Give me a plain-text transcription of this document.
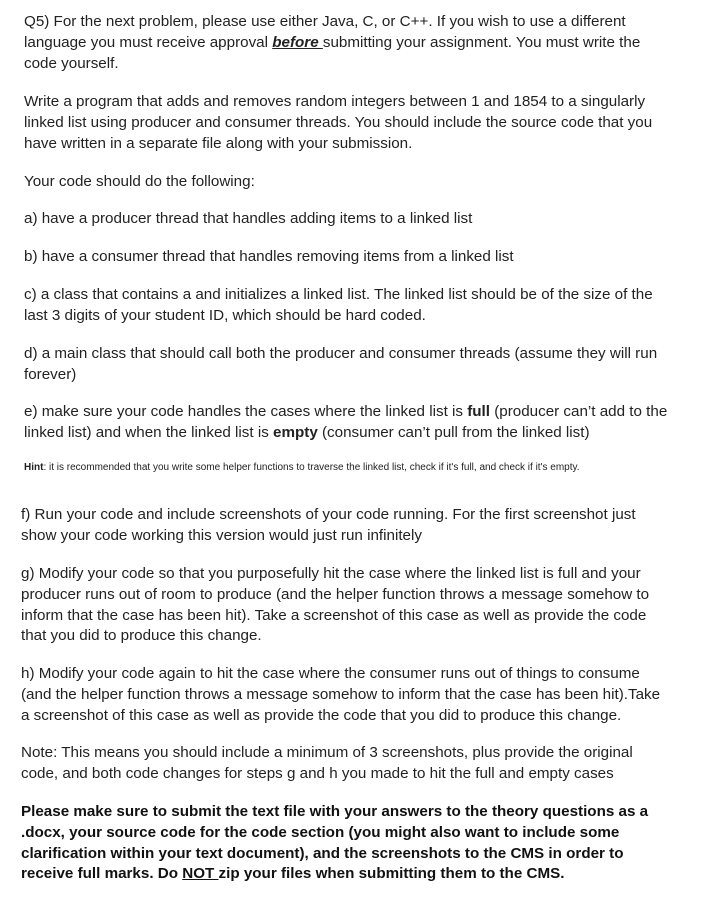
Q5) For the next problem, please use either Java, C, or C++. If you wish to use a different
language you must receive approval before submitting your assignment. You must write the
code yourself.
Write a program that adds and removes random integers between 1 and 1854 to a singularly
linked list using producer and consumer threads. You should include the source code that you
have written in a separate file along with your submission.
Your code should do the following:
a) have a producer thread that handles adding items to a linked list
b) have a consumer thread that handles removing items from a linked list
c) a class that contains a and initializes a linked list. The linked list should be of the size of the
last 3 digits of your student ID, which should be hard coded.
d) a main class that should call both the producer and consumer threads (assume they will run
forever)
e) make sure your code handles the cases where the linked list is full (producer can’t add to the
linked list) and when the linked list is empty (consumer can’t pull from the linked list)
Hint: it is recommended that you write some helper functions to traverse the linked list, check if it's full, and check if it's empty.
f) Run your code and include screenshots of your code running. For the first screenshot just
show your code working this version would just run infinitely
g) Modify your code so that you purposefully hit the case where the linked list is full and your
producer runs out of room to produce (and the helper function throws a message somehow to
inform that the case has been hit). Take a screenshot of this case as well as provide the code
that you did to produce this change.
h) Modify your code again to hit the case where the consumer runs out of things to consume
(and the helper function throws a message somehow to inform that the case has been hit).Take
a screenshot of this case as well as provide the code that you did to produce this change.
Note: This means you should include a minimum of 3 screenshots, plus provide the original
code, and both code changes for steps g and h you made to hit the full and empty cases
Please make sure to submit the text file with your answers to the theory questions as a
.docx, your source code for the code section (you might also want to include some
clarification within your text document), and the screenshots to the CMS in order to
receive full marks. Do NOT zip your files when submitting them to the CMS.
